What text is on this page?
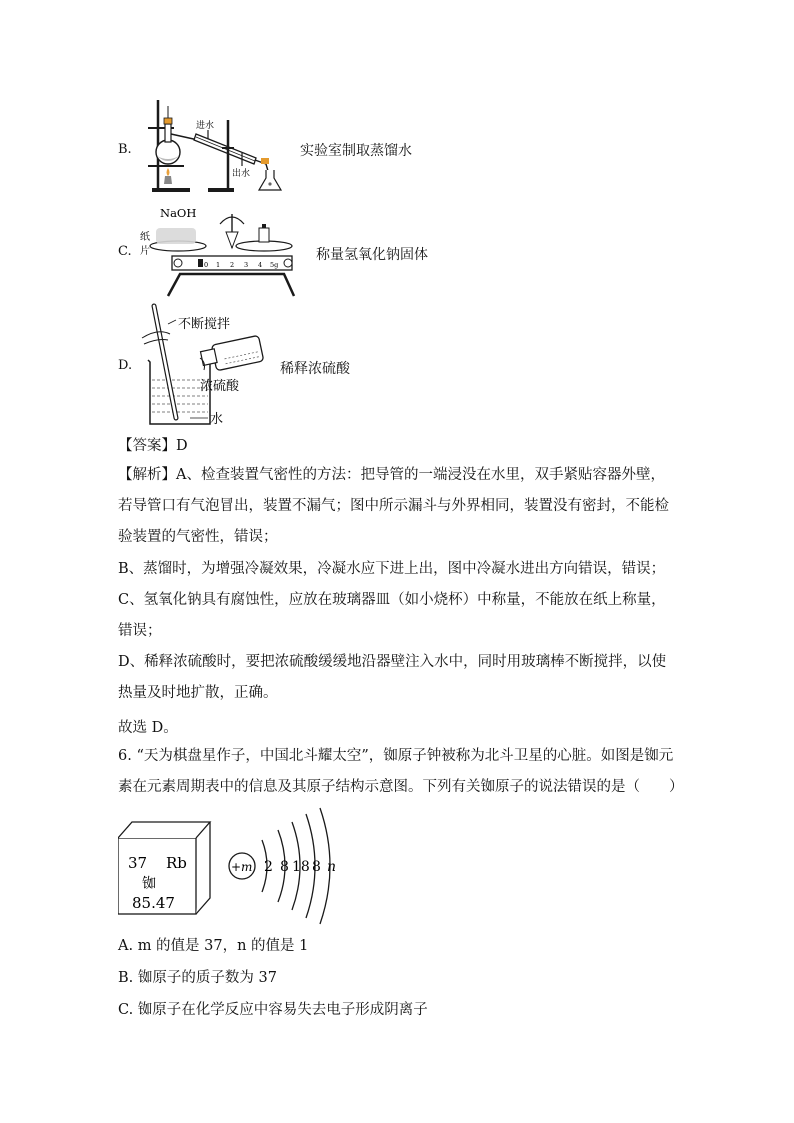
B.
进水
出水
实验室制取蒸馏水
C.
NaOH
纸
片
0 1 2 3 4 5g
称量氢氧化钠固体
D.
不断搅拌
浓硫酸
水
稀释浓硫酸
【答案】D
【解析】A、检查装置气密性的方法：把导管的一端浸没在水里，双手紧贴容器外壁，若导管口有气泡冒出，装置不漏气；图中所示漏斗与外界相同，装置没有密封，不能检验装置的气密性，错误；
B、蒸馏时，为增强冷凝效果，冷凝水应下进上出，图中冷凝水进出方向错误，错误；
C、氢氧化钠具有腐蚀性，应放在玻璃器皿（如小烧杯）中称量，不能放在纸上称量，错误；
D、稀释浓硫酸时，要把浓硫酸缓缓地沿器壁注入水中，同时用玻璃棒不断搅拌，以使热量及时地扩散，正确。
故选 D。
6. “天为棋盘星作子，中国北斗耀太空”，铷原子钟被称为北斗卫星的心脏。如图是铷元素在元素周期表中的信息及其原子结构示意图。下列有关铷原子的说法错误的是（　　）
37 Rb
铷
85.47
+m 2 8 18 8 n
A. m 的值是 37，n 的值是 1
B. 铷原子的质子数为 37
C. 铷原子在化学反应中容易失去电子形成阴离子
